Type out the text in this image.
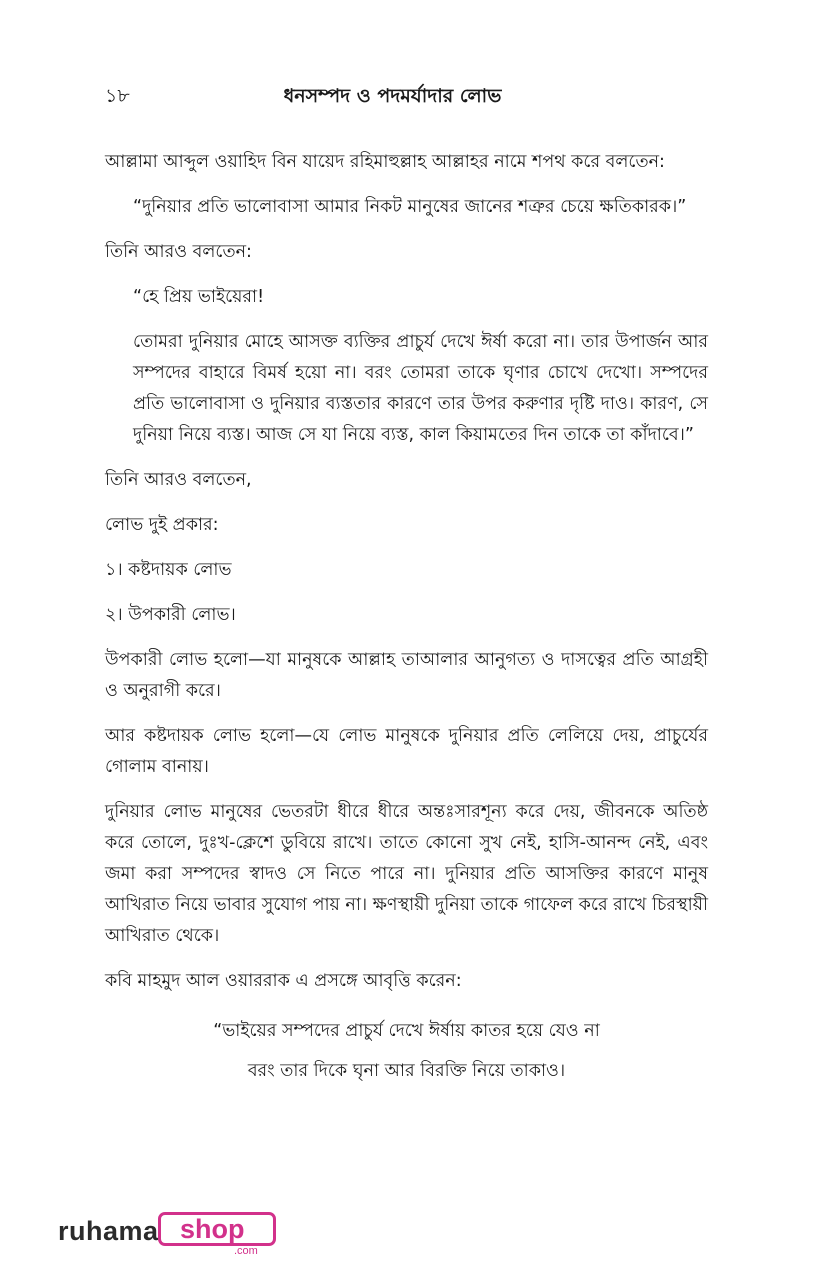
১৮	ধনসম্পদ ও পদমর্যাদার লোভ

আল্লামা আব্দুল ওয়াহিদ বিন যায়েদ রহিমাহুল্লাহ আল্লাহর নামে শপথ করে বলতেন:

“দুনিয়ার প্রতি ভালোবাসা আমার নিকট মানুষের জানের শত্রুর চেয়ে ক্ষতিকারক।”

তিনি আরও বলতেন:

“হে প্রিয় ভাইয়েরা!

তোমরা দুনিয়ার মোহে আসক্ত ব্যক্তির প্রাচুর্য দেখে ঈর্ষা করো না। তার উপার্জন আর সম্পদের বাহারে বিমর্ষ হয়ো না। বরং তোমরা তাকে ঘৃণার চোখে দেখো। সম্পদের প্রতি ভালোবাসা ও দুনিয়ার ব্যস্ততার কারণে তার উপর করুণার দৃষ্টি দাও। কারণ, সে দুনিয়া নিয়ে ব্যস্ত। আজ সে যা নিয়ে ব্যস্ত, কাল কিয়ামতের দিন তাকে তা কাঁদাবে।”

তিনি আরও বলতেন,

লোভ দুই প্রকার:

১। কষ্টদায়ক লোভ

২। উপকারী লোভ।

উপকারী লোভ হলো—যা মানুষকে আল্লাহ তাআলার আনুগত্য ও দাসত্বের প্রতি আগ্রহী ও অনুরাগী করে।

আর কষ্টদায়ক লোভ হলো—যে লোভ মানুষকে দুনিয়ার প্রতি লেলিয়ে দেয়, প্রাচুর্যের গোলাম বানায়।

দুনিয়ার লোভ মানুষের ভেতরটা ধীরে ধীরে অন্তঃসারশূন্য করে দেয়, জীবনকে অতিষ্ঠ করে তোলে, দুঃখ-ক্লেশে ডুবিয়ে রাখে। তাতে কোনো সুখ নেই, হাসি-আনন্দ নেই, এবং জমা করা সম্পদের স্বাদও সে নিতে পারে না। দুনিয়ার প্রতি আসক্তির কারণে মানুষ আখিরাত নিয়ে ভাবার সুযোগ পায় না। ক্ষণস্থায়ী দুনিয়া তাকে গাফেল করে রাখে চিরস্থায়ী আখিরাত থেকে।

কবি মাহমুদ আল ওয়াররাক এ প্রসঙ্গে আবৃত্তি করেন:

“ভাইয়ের সম্পদের প্রাচুর্য দেখে ঈর্ষায় কাতর হয়ে যেও না
বরং তার দিকে ঘৃনা আর বিরক্তি নিয়ে তাকাও।
ruhama shop
.com
